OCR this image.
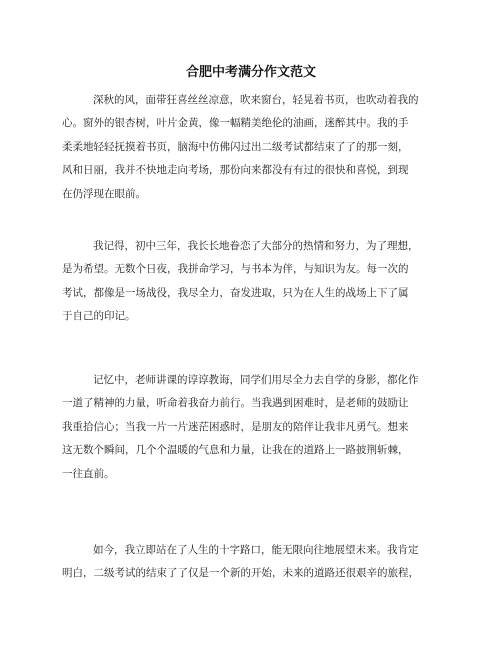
合肥中考满分作文范文
深秋的风，面带狂喜丝丝凉意，吹来窗台，轻晃着书页，也吹动着我的
心。窗外的银杏树，叶片金黄，像一幅精美绝伦的油画，迷醉其中。我的手
柔柔地轻轻抚摸着书页，脑海中仿佛闪过出二级考试都结束了了的那一刻，
风和日丽，我并不快地走向考场，那份向来都没有有过的很快和喜悦，到现
在仍浮现在眼前。
我记得，初中三年，我长长地眷恋了大部分的热情和努力，为了理想，
是为希望。无数个日夜，我拼命学习，与书本为伴，与知识为友。每一次的
考试，都像是一场战役，我尽全力，奋发进取，只为在人生的战场上下了属
于自己的印记。
记忆中，老师讲课的谆谆教诲，同学们用尽全力去自学的身影，都化作
一道了精神的力量，听命着我奋力前行。当我遇到困难时，是老师的鼓励让
我重拾信心；当我一片一片迷茫困惑时，是朋友的陪伴让我非凡勇气。想来
这无数个瞬间，几个个温暖的气息和力量，让我在的道路上一路披荆斩棘，
一往直前。
如今，我立即站在了人生的十字路口，能无限向往地展望未来。我肯定
明白，二级考试的结束了了仅是一个新的开始，未来的道路还很艰辛的旅程，
